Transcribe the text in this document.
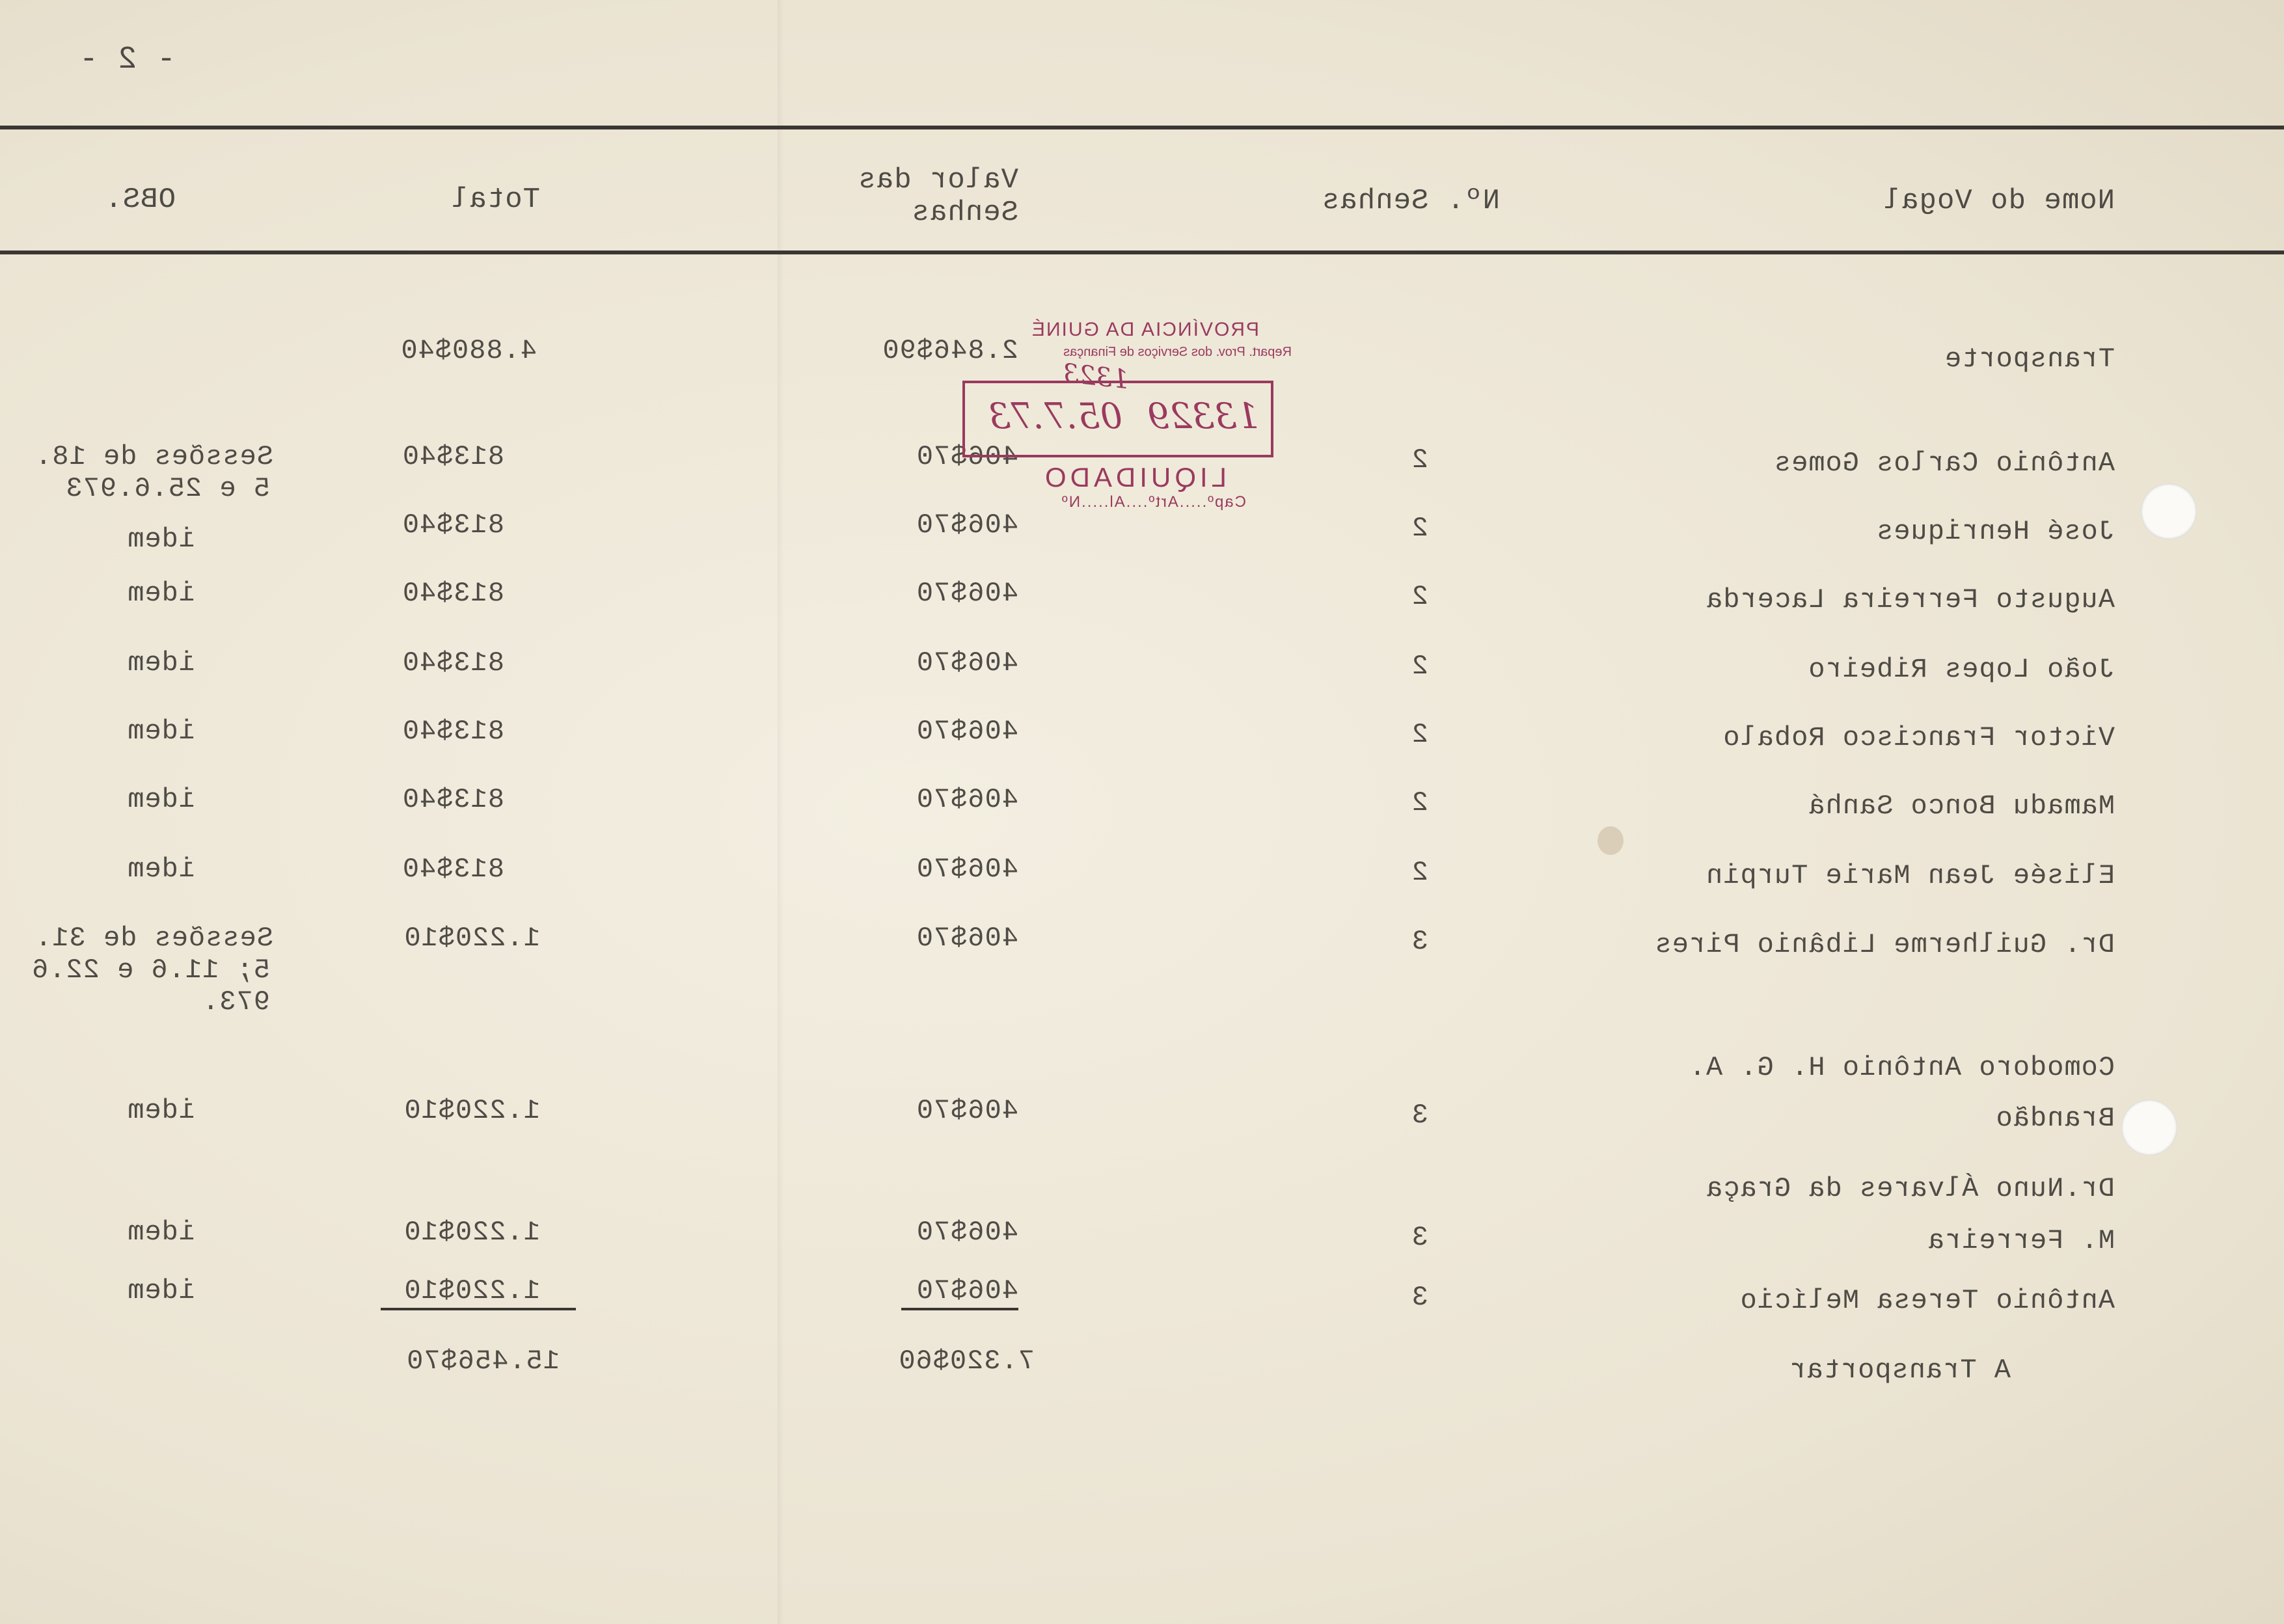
- 2 -
Nome do Vogal
Nº. Senhas
Valor das
Senhas
Total
OBS.
Transporte
2.846$90
4.880$40
Antônio Carlos Gomes
2
406$70
813$40
Sessões de 18.
5 e 25.6.973
José Henriques
2
406$70
813$40
idem
Augusto Ferreira Lacerda
2
406$70
813$40
idem
João Lopes Ribeiro
2
406$70
813$40
idem
Victor Francisco Robalo
2
406$70
813$40
idem
Mamadu Bonco Sanhá
2
406$70
813$40
idem
Elisée Jean Marie Turpin
2
406$70
813$40
idem
Dr. Guilherme Libânio Pires
3
406$70
1.220$10
Sessões de 31.
5; 11.6 e 22.6
973.
Comodoro Antônio H. G. A.
Brandão
3
406$70
1.220$10
idem
Dr.Nuno Álvares da Graça
M. Ferreira
3
406$70
1.220$10
idem
Antônio Teresa Melício
3
406$70
1.220$10
idem
A Transportar
7.320$60
15.456$70
PROVÍNCIA DA GUINÉ
Repart. Prov. dos Serviços de Finanças
1323
13329
05.7.73
LIQUIDADO
Capº.....Artº....Al.....Nº
